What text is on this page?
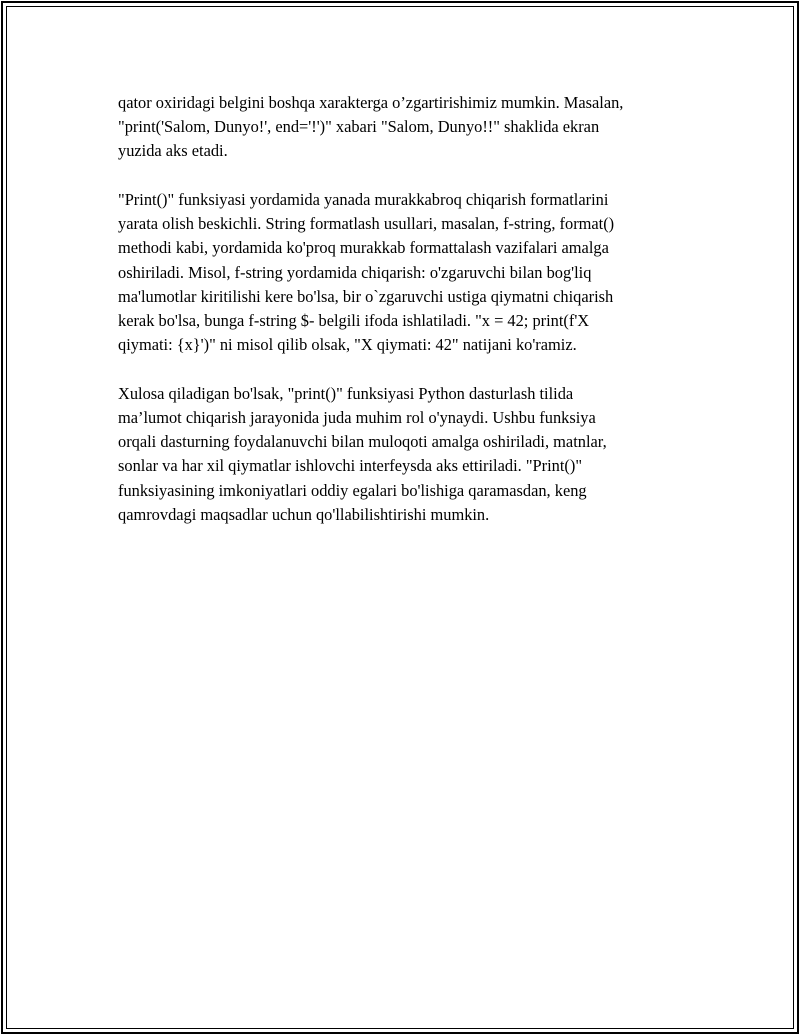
qator oxiridagi belgini boshqa xarakterga o’zgartirishimiz mumkin. Masalan,
"print('Salom, Dunyo!', end='!')" xabari "Salom, Dunyo!!" shaklida ekran
yuzida aks etadi.

"Print()" funksiyasi yordamida yanada murakkabroq chiqarish formatlarini
yarata olish beskichli. String formatlash usullari, masalan, f-string, format()
methodi kabi, yordamida ko'proq murakkab formattalash vazifalari amalga
oshiriladi. Misol, f-string yordamida chiqarish: o'zgaruvchi bilan bog'liq
ma'lumotlar kiritilishi kere bo'lsa, bir o`zgaruvchi ustiga qiymatni chiqarish
kerak bo'lsa, bunga f-string $- belgili ifoda ishlatiladi. "x = 42; print(f'X
qiymati: {x}')" ni misol qilib olsak, "X qiymati: 42" natijani ko'ramiz.

Xulosa qiladigan bo'lsak, "print()" funksiyasi Python dasturlash tilida
ma’lumot chiqarish jarayonida juda muhim rol o'ynaydi. Ushbu funksiya
orqali dasturning foydalanuvchi bilan muloqoti amalga oshiriladi, matnlar,
sonlar va har xil qiymatlar ishlovchi interfeysda aks ettiriladi. "Print()"
funksiyasining imkoniyatlari oddiy egalari bo'lishiga qaramasdan, keng
qamrovdagi maqsadlar uchun qo'llabilishtirishi mumkin.
